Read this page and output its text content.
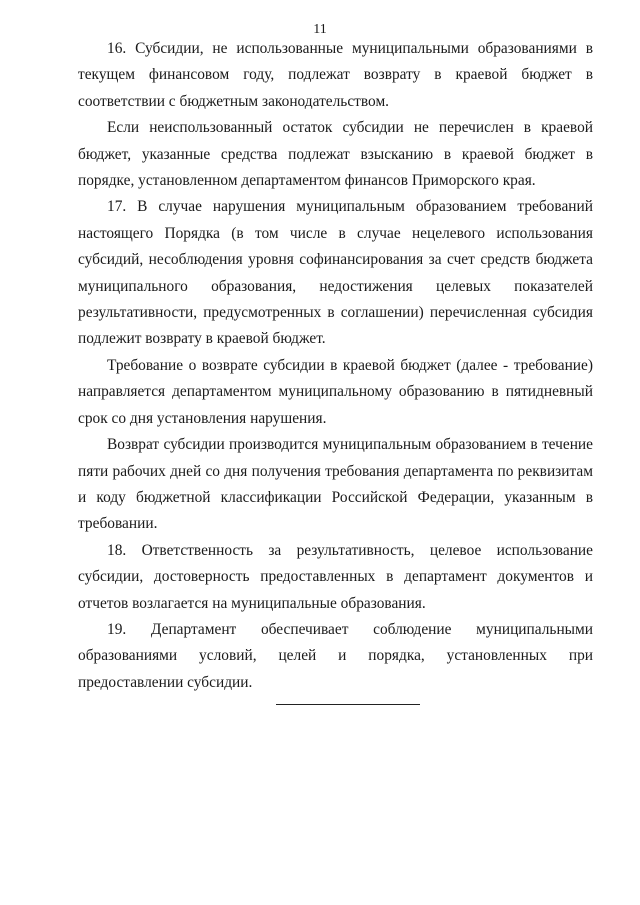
11

16. Субсидии, не использованные муниципальными образованиями в текущем финансовом году, подлежат возврату в краевой бюджет в соответствии с бюджетным законодательством.

Если неиспользованный остаток субсидии не перечислен в краевой бюджет, указанные средства подлежат взысканию в краевой бюджет в порядке, установленном департаментом финансов Приморского края.

17. В случае нарушения муниципальным образованием требований настоящего Порядка (в том числе в случае нецелевого использования субсидий, несоблюдения уровня софинансирования за счет средств бюджета муниципального образования, недостижения целевых показателей результативности, предусмотренных в соглашении) перечисленная субсидия подлежит возврату в краевой бюджет.

Требование о возврате субсидии в краевой бюджет (далее - требование) направляется департаментом муниципальному образованию в пятидневный срок со дня установления нарушения.

Возврат субсидии производится муниципальным образованием в течение пяти рабочих дней со дня получения требования департамента по реквизитам и коду бюджетной классификации Российской Федерации, указанным в требовании.

18. Ответственность за результативность, целевое использование субсидии, достоверность предоставленных в департамент документов и отчетов возлагается на муниципальные образования.

19. Департамент обеспечивает соблюдение муниципальными образованиями условий, целей и порядка, установленных при предоставлении субсидии.
